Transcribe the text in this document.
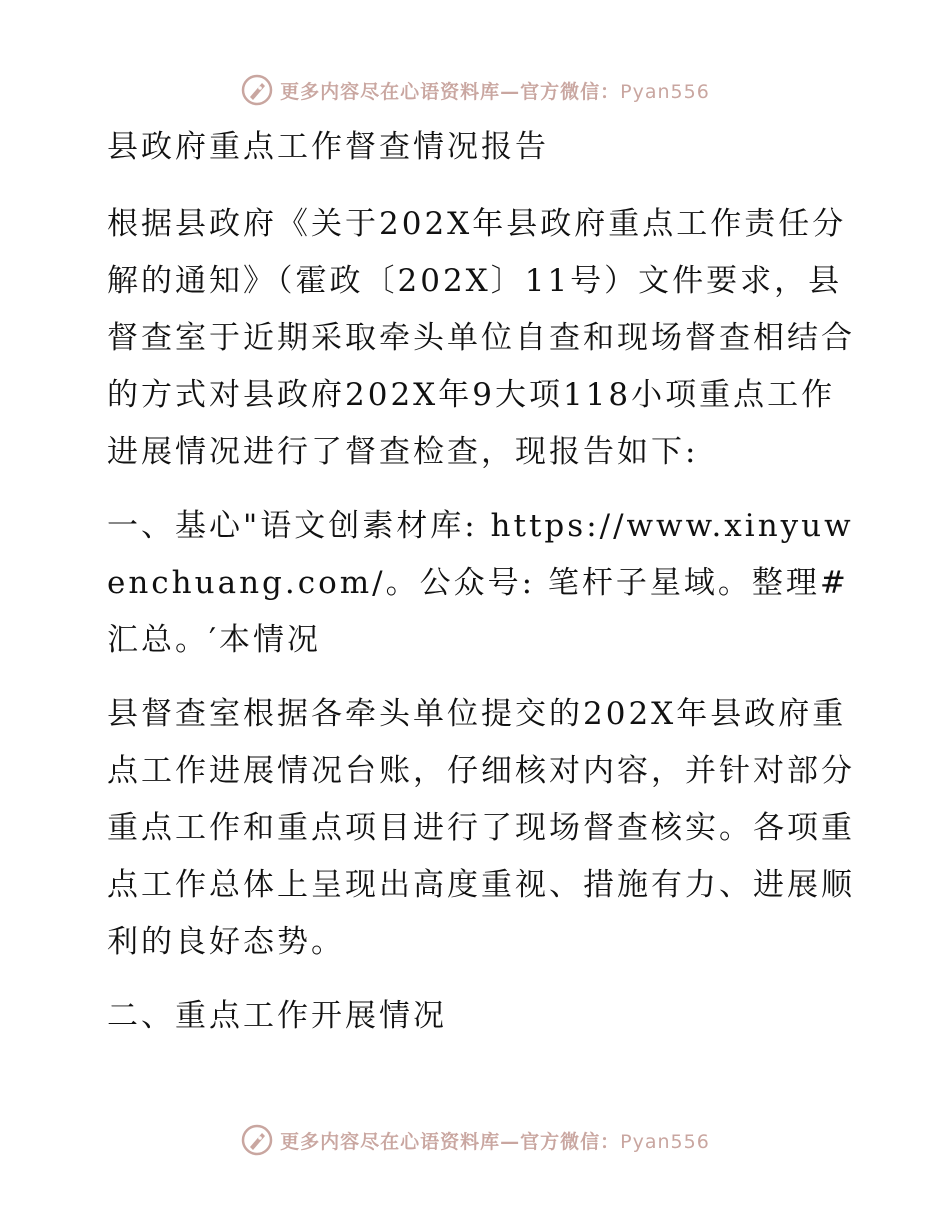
更多内容尽在心语资料库—官方微信：Pyan556
县政府重点工作督查情况报告
根据县政府《关于202X年县政府重点工作责任分解的通知》（霍政〔202X〕11号）文件要求，县督查室于近期采取牵头单位自查和现场督查相结合的方式对县政府202X年9大项118小项重点工作进展情况进行了督查检查，现报告如下:
一、基心"语文创素材库: https://www.xinyuwenchuang.com/。公众号: 笔杆子星域。整理#汇总。′本情况
县督查室根据各牵头单位提交的202X年县政府重点工作进展情况台账，仔细核对内容，并针对部分重点工作和重点项目进行了现场督查核实。各项重点工作总体上呈现出高度重视、措施有力、进展顺利的良好态势。
二、重点工作开展情况
更多内容尽在心语资料库—官方微信：Pyan556
